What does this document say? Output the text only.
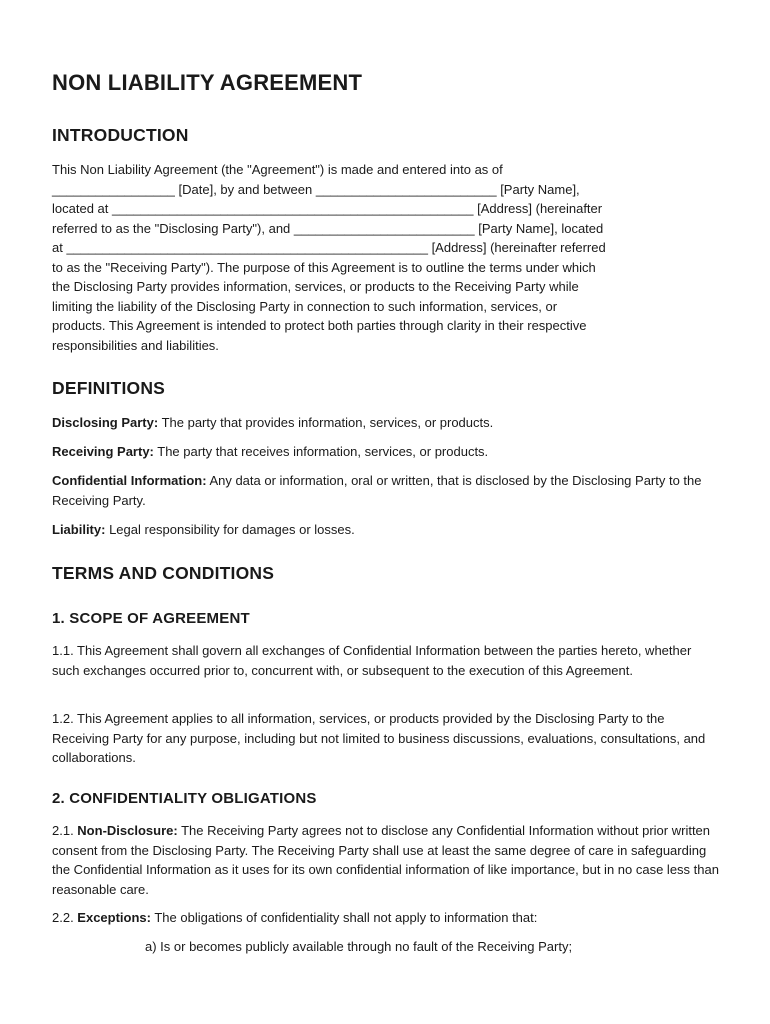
NON LIABILITY AGREEMENT
INTRODUCTION

This Non Liability Agreement (the "Agreement") is made and entered into as of
_________________ [Date], by and between _________________________ [Party Name],
located at __________________________________________________ [Address] (hereinafter
referred to as the "Disclosing Party"), and _________________________ [Party Name], located
at __________________________________________________ [Address] (hereinafter referred
to as the "Receiving Party"). The purpose of this Agreement is to outline the terms under which
the Disclosing Party provides information, services, or products to the Receiving Party while
limiting the liability of the Disclosing Party in connection to such information, services, or
products. This Agreement is intended to protect both parties through clarity in their respective
responsibilities and liabilities.

DEFINITIONS

Disclosing Party: The party that provides information, services, or products.

Receiving Party: The party that receives information, services, or products.

Confidential Information: Any data or information, oral or written, that is disclosed by the Disclosing Party to the Receiving Party.

Liability: Legal responsibility for damages or losses.

TERMS AND CONDITIONS
1. SCOPE OF AGREEMENT

1.1. This Agreement shall govern all exchanges of Confidential Information between the parties hereto, whether such exchanges occurred prior to, concurrent with, or subsequent to the execution of this Agreement.

1.2. This Agreement applies to all information, services, or products provided by the Disclosing Party to the Receiving Party for any purpose, including but not limited to business discussions, evaluations, consultations, and collaborations.

2. CONFIDENTIALITY OBLIGATIONS

2.1. Non-Disclosure: The Receiving Party agrees not to disclose any Confidential Information without prior written consent from the Disclosing Party. The Receiving Party shall use at least the same degree of care in safeguarding the Confidential Information as it uses for its own confidential information of like importance, but in no case less than reasonable care.

2.2. Exceptions: The obligations of confidentiality shall not apply to information that:

a) Is or becomes publicly available through no fault of the Receiving Party;
